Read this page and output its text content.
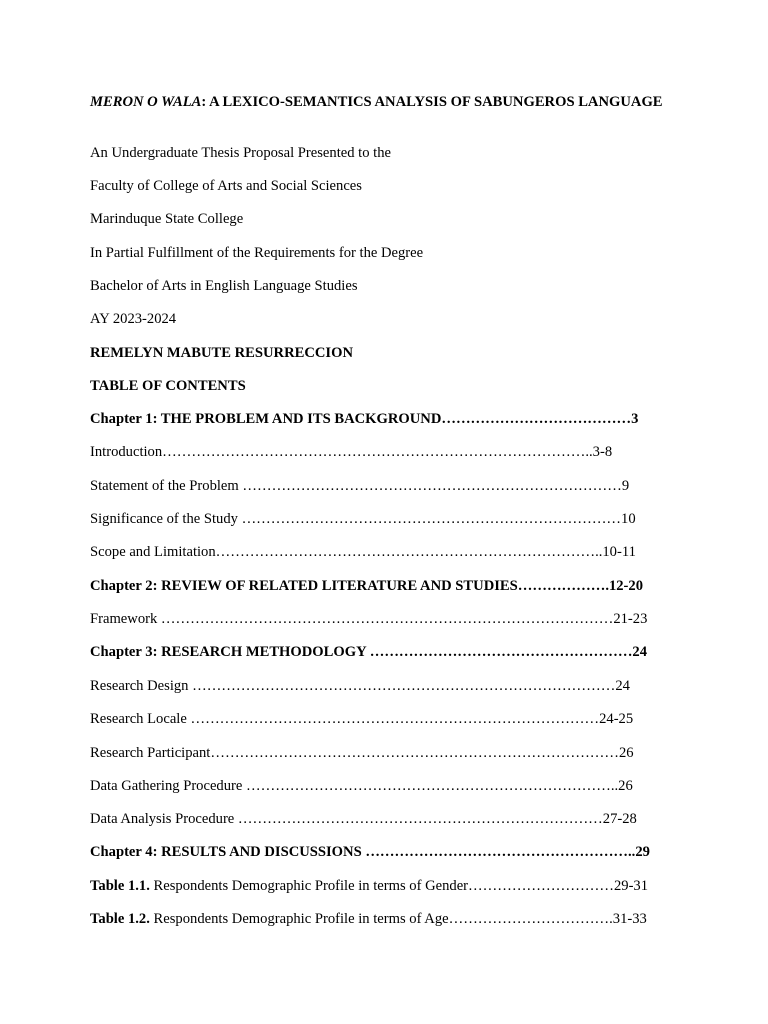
MERON O WALA: A LEXICO-SEMANTICS ANALYSIS OF SABUNGEROS LANGUAGE

An Undergraduate Thesis Proposal Presented to the
Faculty of College of Arts and Social Sciences
Marinduque State College
In Partial Fulfillment of the Requirements for the Degree
Bachelor of Arts in English Language Studies
AY 2023-2024
REMELYN MABUTE RESURRECCION
TABLE OF CONTENTS
Chapter 1: THE PROBLEM AND ITS BACKGROUND…………………………………3
Introduction……………………………………………………………………………..3-8
Statement of the Problem ……………………………………………………………………9
Significance of the Study ……………………………………………………………………10
Scope and Limitation……………………………………………………………………..10-11
Chapter 2: REVIEW OF RELATED LITERATURE AND STUDIES……………….12-20
Framework …………………………………………………………………………………21-23
Chapter 3: RESEARCH METHODOLOGY ………………………………………………24
Research Design ……………………………………………………………………………24
Research Locale …………………………………………………………………………24-25
Research Participant…………………………………………………………………………26
Data Gathering Procedure …………………………………………………………………..26
Data Analysis Procedure …………………………………………………………………27-28
Chapter 4: RESULTS AND DISCUSSIONS ………………………………………………..29
Table 1.1. Respondents Demographic Profile in terms of Gender…………………………29-31
Table 1.2. Respondents Demographic Profile in terms of Age…………………………….31-33
